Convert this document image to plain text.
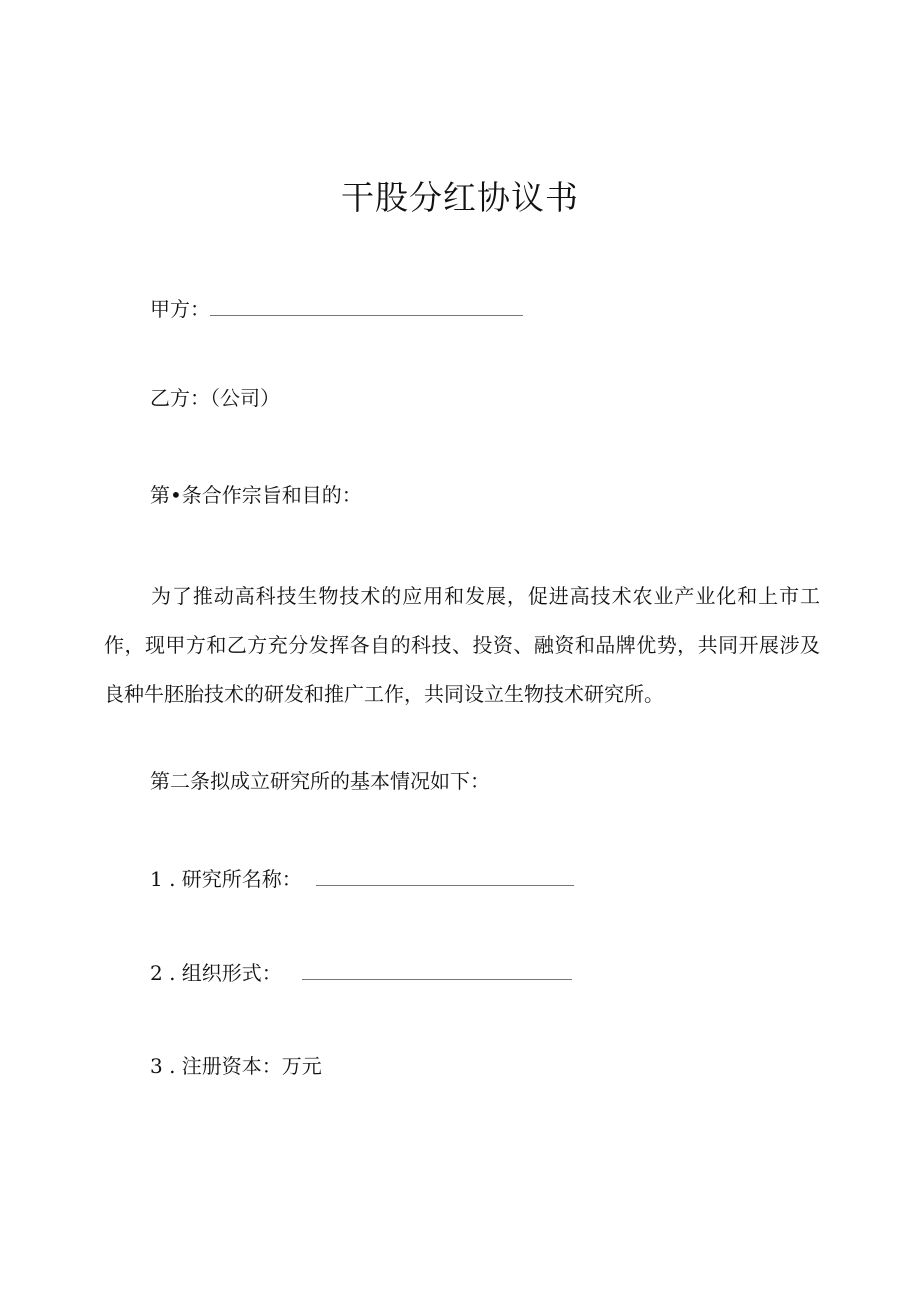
干股分红协议书
甲方：
乙方：（公司）
第•条合作宗旨和目的：
为了推动高科技生物技术的应用和发展，促进高技术农业产业化和上市工作，现甲方和乙方充分发挥各自的科技、投资、融资和品牌优势，共同开展涉及良种牛胚胎技术的研发和推广工作，共同设立生物技术研究所。
第二条拟成立研究所的基本情况如下：
1 . 研究所名称：
2 . 组织形式：
3 . 注册资本：万元
